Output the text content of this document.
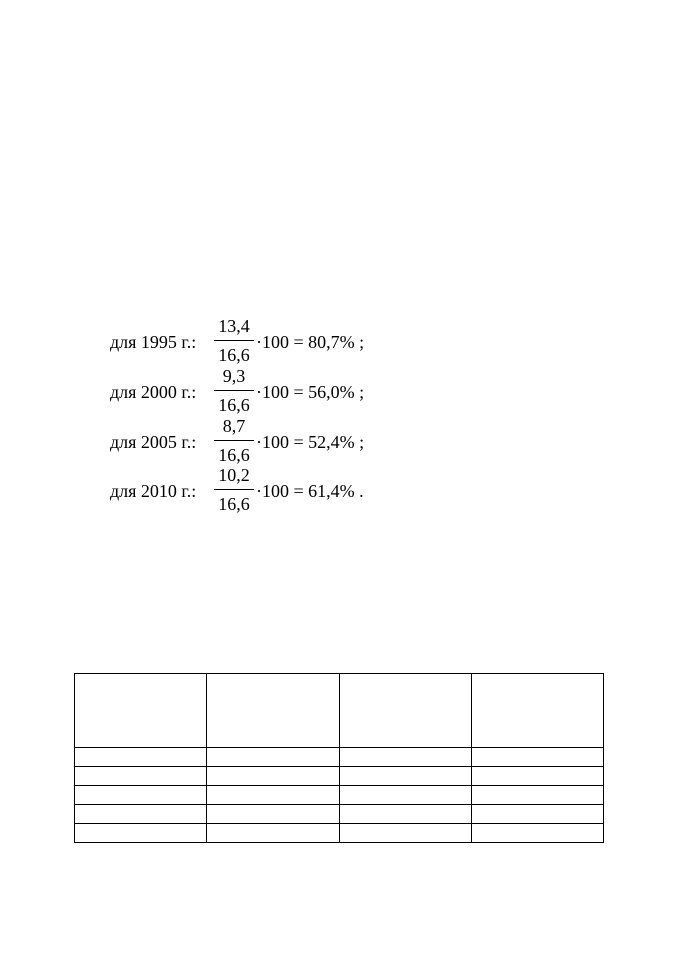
для 1995 г.:
13,4
16,6
·100 = 80,7% ;
для 2000 г.:
9,3
16,6
·100 = 56,0% ;
для 2005 г.:
8,7
16,6
·100 = 52,4% ;
для 2010 г.:
10,2
16,6
·100 = 61,4% .
